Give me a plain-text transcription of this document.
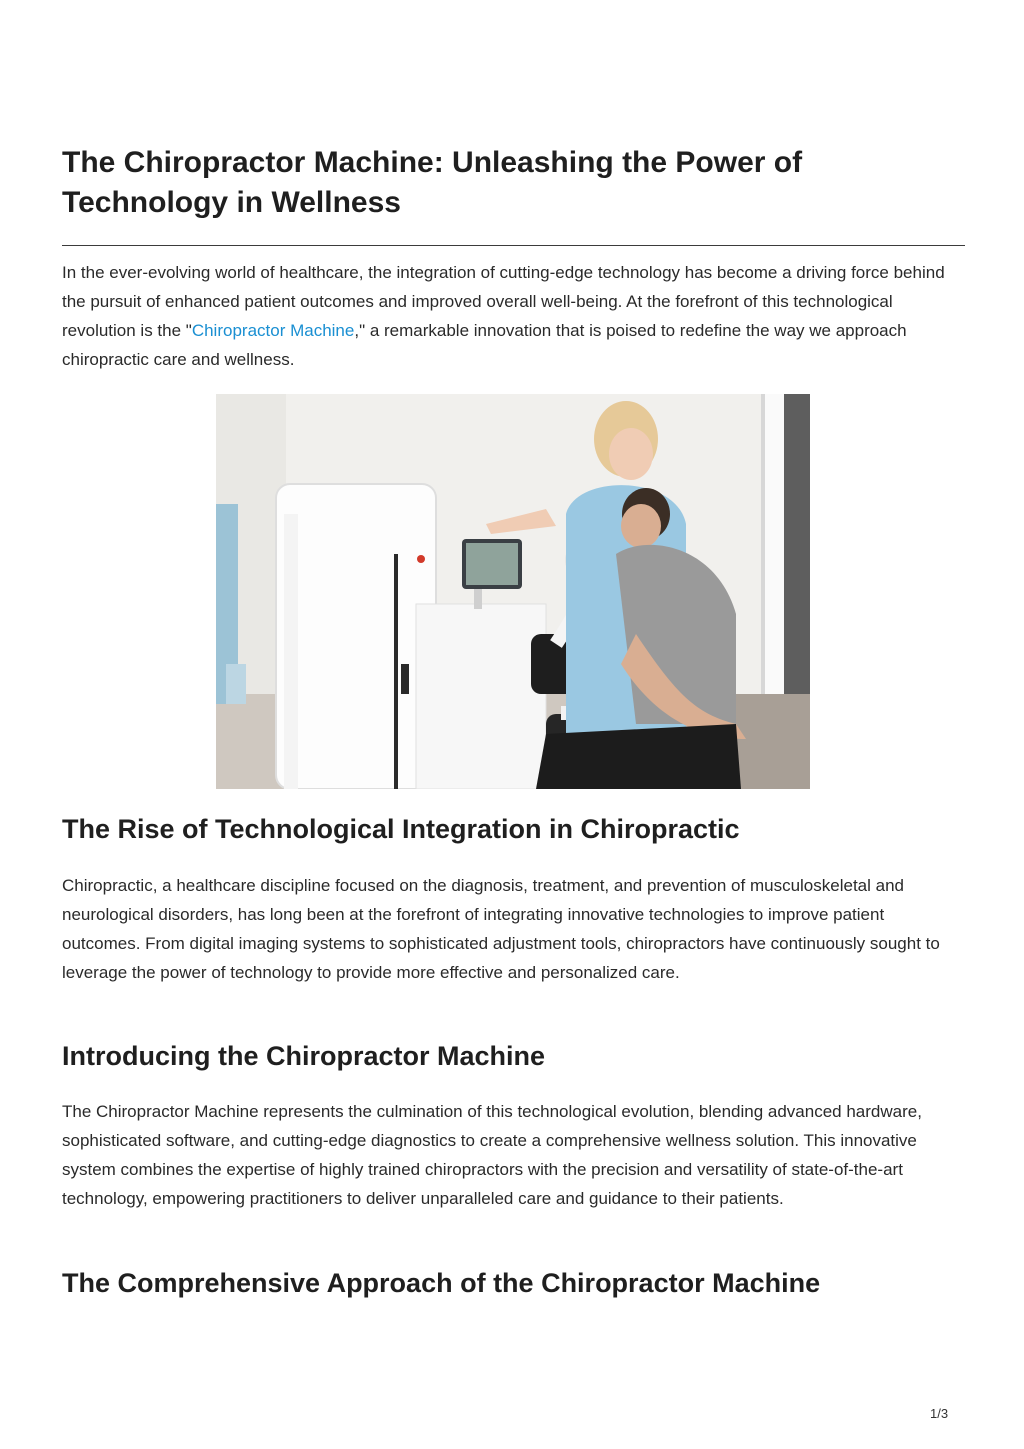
The Chiropractor Machine: Unleashing the Power of Technology in Wellness

In the ever-evolving world of healthcare, the integration of cutting-edge technology has become a driving force behind the pursuit of enhanced patient outcomes and improved overall well-being. At the forefront of this technological revolution is the "Chiropractor Machine," a remarkable innovation that is poised to redefine the way we approach chiropractic care and wellness.

The Rise of Technological Integration in Chiropractic

Chiropractic, a healthcare discipline focused on the diagnosis, treatment, and prevention of musculoskeletal and neurological disorders, has long been at the forefront of integrating innovative technologies to improve patient outcomes. From digital imaging systems to sophisticated adjustment tools, chiropractors have continuously sought to leverage the power of technology to provide more effective and personalized care.

Introducing the Chiropractor Machine

The Chiropractor Machine represents the culmination of this technological evolution, blending advanced hardware, sophisticated software, and cutting-edge diagnostics to create a comprehensive wellness solution. This innovative system combines the expertise of highly trained chiropractors with the precision and versatility of state-of-the-art technology, empowering practitioners to deliver unparalleled care and guidance to their patients.

The Comprehensive Approach of the Chiropractor Machine
1/3
